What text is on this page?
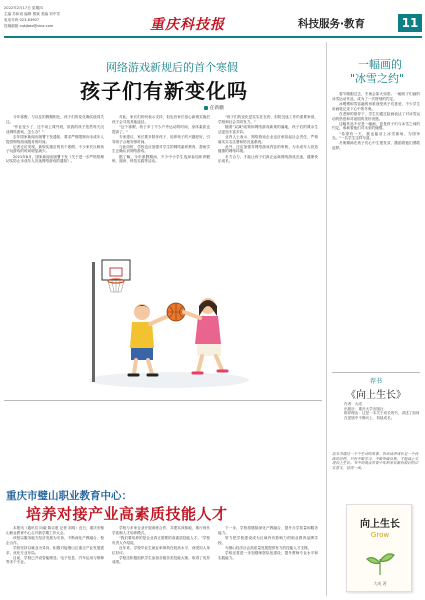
2022年2月17日 星期四
主编 苏和成 编辑 熊斌 美编 刘中雪
电话号码 023-63907
投稿邮箱 cqkjbao@sina.com	重庆科技报	科技服务·教育	11
网络游戏新规后的首个寒假
孩子们有新变化吗
任新鹏

今年寒假，与以往的假期相比，孩子们的变化确实值得关注。

"作业变少了，还不用上课外班，但我的孩子依然每天沉迷网络游戏，怎么办？"

去年国家新闻出版署下发通知，要求严格限制向未成年人提供网络游戏服务的时间。

记者走访发现，新规实施后的首个寒假，不少家长反映孩子玩游戏的时间明显减少。

2021年8月，国家新闻出版署下发《关于进一步严格管理 切实防止未成年人沉迷网络游戏的通知》。

对此，家长们纷纷表示支持，但也有家长担心新规实施后孩子会寻找其他途径。

"这个寒假，孩子多了不少户外运动的时间，身体素质也提高了。"

专家建议，家长要多陪伴孩子，培养孩子的兴趣爱好，引导孩子合理安排时间。

与此同时，学校也应加强对学生的网络素养教育，帮助学生正确认识网络游戏。

据了解，今年寒假期间，不少中小学生选择参加体育锻炼、阅读、科技实践等活动。

"孩子们的变化是实实在在的，但防沉迷工作仍需要家庭、学校和社会共同发力。"

随着"双减"政策和网络游戏新规的落地，孩子们的课余生活更加丰富多彩。

业内人士表示，网络游戏企业也应承担起社会责任，严格落实实名注册和防沉迷系统。

此外，还应加强对网络游戏内容的审核，为未成年人营造健康的网络环境。

多方合力，才能让孩子们真正远离网络游戏沉迷，健康快乐成长。

重庆市璧山职业教育中心：
培养对接产业高素质技能人才

本报讯（通讯员 向毅 陈吉惠 记者 刘玥）近日，重庆市璧山职业教育中心召开新学期工作大会。

该校以服务地方经济发展为宗旨，不断深化产教融合、校企合作。

学校坚持以就业为导向，积极对接璧山区重点产业发展需求，优化专业布局。

目前，学校已开设智能制造、电子信息、汽车运用与维修等多个专业。

学校与多家企业开展深度合作，共建实训基地，推行现代学徒制人才培养模式。

"我们要培养的是企业真正需要的高素质技能人才。"学校负责人介绍说。

近年来，学校毕业生就业率保持在较高水平，深受用人单位好评。

学校还积极组织学生参加各级各类技能大赛，取得了优异成绩。

下一步，学校将继续深化产教融合，提升办学质量和服务能力。

努力把学校建设成为区域内有影响力的职业教育品牌学校。

为璧山经济社会高质量发展提供有力的技能人才支撑。

学校还将进一步加强师资队伍建设，提升教师专业水平和实践能力。

一幅画的
"冰雪之约"

春节刚刚过去，冬奥会如火如荼。一幅孩子们画的冰雪运动作品，成为了一次特别的约定。

冰墩墩和雪容融的形象深受孩子们喜爱，不少学生用画笔记录下心中的冬奥。

在老师的指导下，学生们通过绘画表达了对冰雪运动的热爱和对祖国的美好祝愿。

这幅作品不仅是一幅画，更是孩子们与冰雪之间的约定，承载着他们对未来的憧憬。

"希望有一天，我也能站上冰雪赛场，为国争光。"一名学生这样写道。

冬奥精神在孩子们心中生根发芽，激励着他们勇敢追梦。

荐书
《向上生长》
作者：大成
出版社：重庆大学出版社
推荐理由：这是一本关于成长的书，讲述了如何在逆境中不断向上、持续成长。
这本书通过一个个生动的故事，告诉读者成长是一个持续的过程，只有不断学习、不断突破自我，才能真正实现向上生长。书中的观点对青少年和家长都有很好的启发意义，值得一读。
向上生长
Grow
大成 著
